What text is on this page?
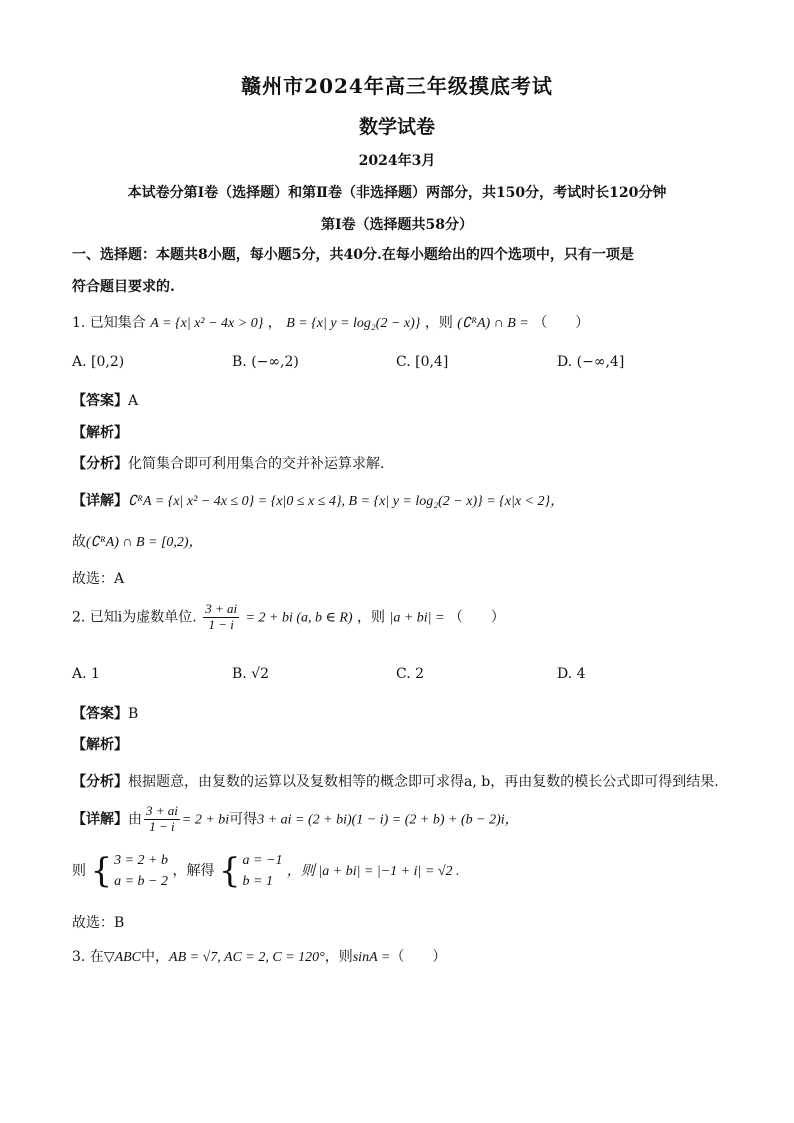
赣州市2024年高三年级摸底考试
数学试卷
2024年3月
本试卷分第Ⅰ卷（选择题）和第Ⅱ卷（非选择题）两部分，共150分，考试时长120分钟
第Ⅰ卷（选择题共58分）
一、选择题：本题共8小题，每小题5分，共40分.在每小题给出的四个选项中，只有一项是
符合题目要求的.
1. 已知集合 A = {x| x² − 4x > 0} ， B = {x| y = log₂(2 − x)} ，则 (∁ᴿA) ∩ B = （　　）
A. [0,2)	B. (−∞,2)	C. [0,4]	D. (−∞,4]
【答案】A
【解析】
【分析】化简集合即可利用集合的交并补运算求解.
【详解】∁ᴿA = {x| x² − 4x ≤ 0} = {x|0 ≤ x ≤ 4}, B = {x| y = log₂(2 − x)} = {x|x < 2}，
故(∁ᴿA) ∩ B = [0,2)，
故选：A
2. 已知i为虚数单位. $\frac{3 + ai}{1 - i} = 2$ + bi (a, b ∈ R) ，则 |a + bi| = （　　）
A. 1	B. √2	C. 2	D. 4
【答案】B
【解析】
【分析】根据题意，由复数的运算以及复数相等的概念即可求得a, b，再由复数的模长公式即可得到结果.
【详解】由 $\frac{3 + ai}{1 - i} = 2$ + bi可得3 + ai = (2 + bi)(1 − i) = (2 + b) + (b − 2)i，
则 { 3 = 2 + b
a = b − 2
，解得 { a = −1
b = 1
，则 |a + bi| = |−1 + i| = √2 .
故选：B
3. 在▽ABC中，AB = √7, AC = 2, C = 120°，则sinA =（　　）
